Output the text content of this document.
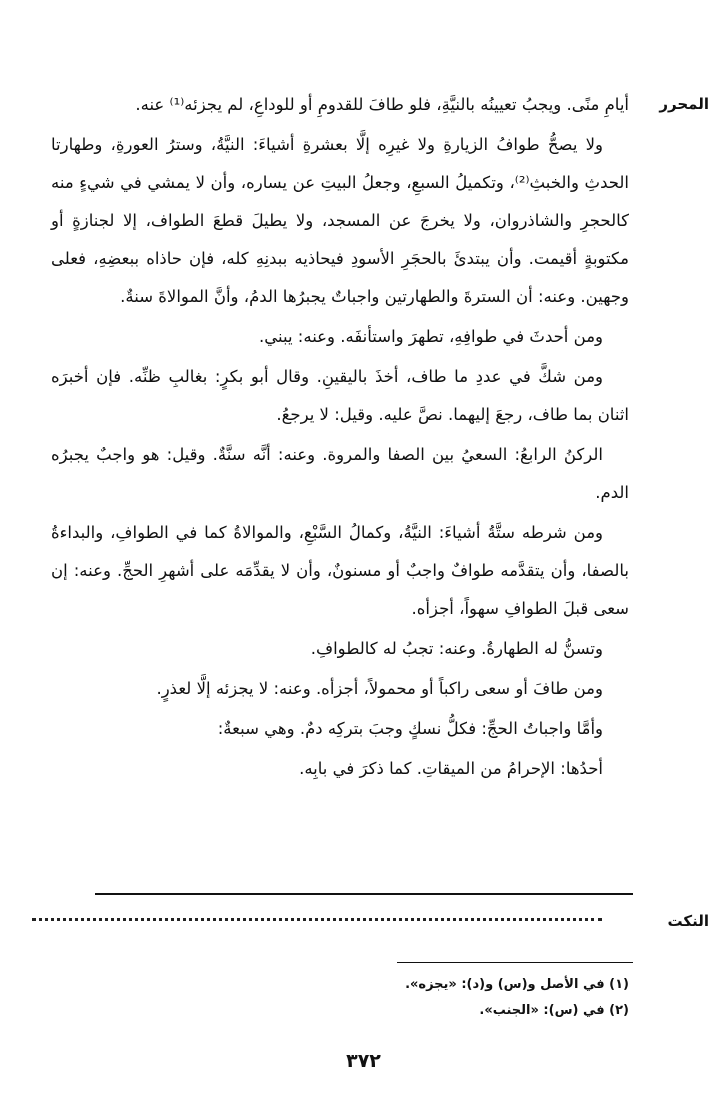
المحرر

أيامِ منًى. ويجبُ تعيينُه بالنيَّةِ، فلو طافَ للقدومِ أو للوداعِ، لم يجزئه⁽¹⁾ عنه.

ولا يصحُّ طوافُ الزيارةِ ولا غيرِه إلَّا بعشرةِ أشياءَ: النيَّةُ، وسترُ العورةِ، وطهارتا الحدثِ والخبثِ⁽²⁾، وتكميلُ السبعِ، وجعلُ البيتِ عن يساره، وأن لا يمشي في شيءٍ منه كالحجرِ والشاذروان، ولا يخرجَ عن المسجد، ولا يطيلَ قطعَ الطواف، إلا لجنازةٍ أو مكتوبةٍ أقيمت. وأن يبتدئَ بالحجَرِ الأسودِ فيحاذيه ببدنِهِ كله، فإن حاذاه ببعضِهِ، فعلى وجهين. وعنه: أن السترةَ والطهارتين واجباتٌ يجبرُها الدمُ، وأنَّ الموالاةَ سنةٌ.

ومن أحدثَ في طوافِهِ، تطهرَ واستأنفَه. وعنه: يبني.

ومن شكَّ في عددِ ما طاف، أخذَ باليقينِ. وقال أبو بكرٍ: بغالبِ ظنِّه. فإن أخبرَه اثنان بما طاف، رجعَ إليهما. نصَّ عليه. وقيل: لا يرجعُ.

الركنُ الرابعُ: السعيُ بين الصفا والمروة. وعنه: أنَّه سنَّةٌ. وقيل: هو واجبٌ يجبرُه الدم.

ومن شرطه ستَّةُ أشياءَ: النيَّةُ، وكمالُ السَّبْعِ، والموالاةُ كما في الطوافِ، والبداءةُ بالصفا، وأن يتقدَّمه طوافٌ واجبٌ أو مسنونٌ، وأن لا يقدِّمَه على أشهرِ الحجِّ. وعنه: إن سعى قبلَ الطوافِ سهواً، أجزأه.

وتسنُّ له الطهارةُ. وعنه: تجبُ له كالطوافِ.

ومن طافَ أو سعى راكباً أو محمولاً، أجزأه. وعنه: لا يجزئه إلَّا لعذرٍ.

وأمَّا واجباتُ الحجِّ: فكلُّ نسكٍ وجبَ بتركِه دمٌ. وهي سبعةٌ:

أحدُها: الإحرامُ من الميقاتِ. كما ذكرَ في بابِه.

النكت

(١) في الأصل و(س) و(د): «يجزه».

(٢) في (س): «الجنب».

٣٧٢
